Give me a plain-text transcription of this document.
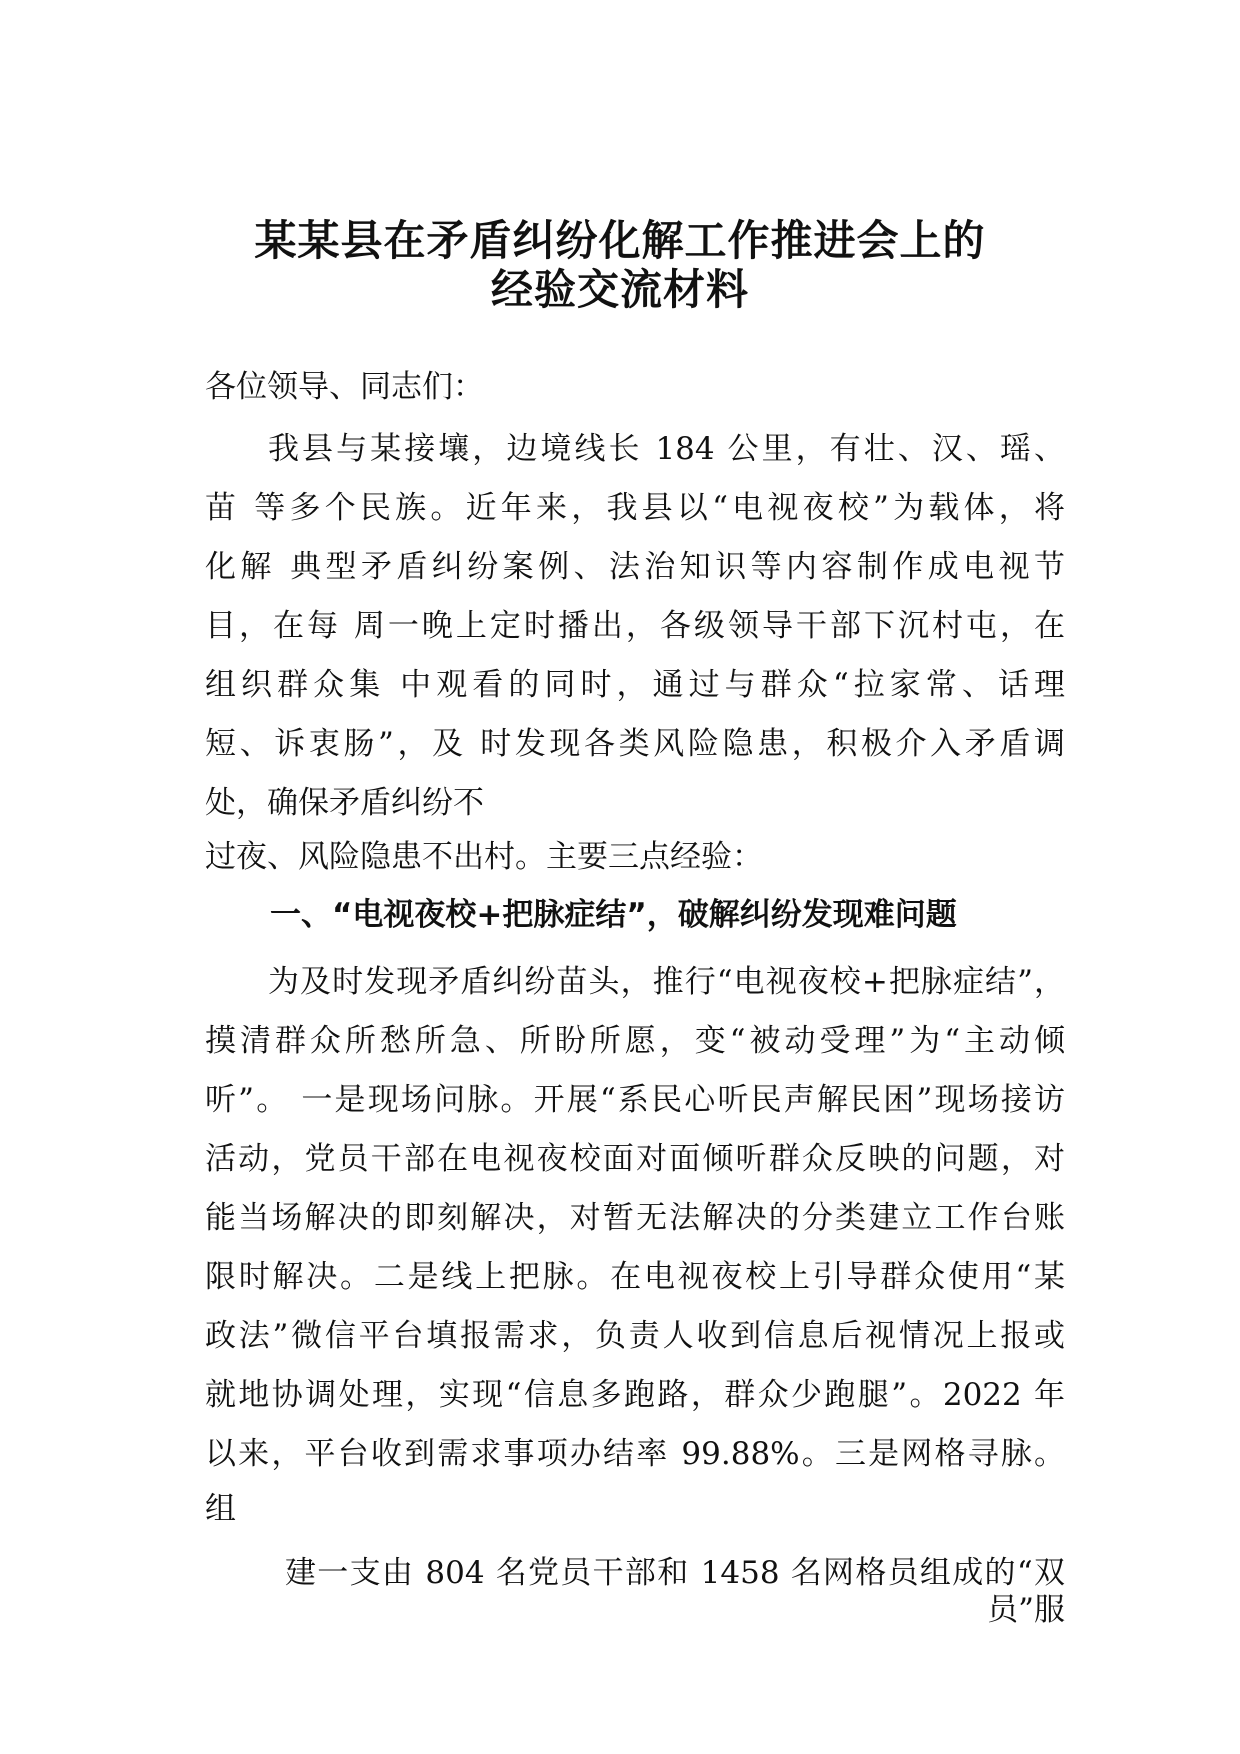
某某县在矛盾纠纷化解工作推进会上的
经验交流材料
各位领导、同志们：
我县与某接壤，边境线长 184 公里，有壮、汉、瑶、
苗 等多个民族。近年来，我县以“电视夜校”为载体，将
化解 典型矛盾纠纷案例、法治知识等内容制作成电视节
目，在每 周一晚上定时播出，各级领导干部下沉村屯，在
组织群众集 中观看的同时，通过与群众“拉家常、话理
短、诉衷肠”，及 时发现各类风险隐患，积极介入矛盾调
处，确保矛盾纠纷不
过夜、风险隐患不出村。主要三点经验：
一、“电视夜校+把脉症结”，破解纠纷发现难问题
为及时发现矛盾纠纷苗头，推行“电视夜校+把脉症结”，
摸清群众所愁所急、所盼所愿，变“被动受理”为“主动倾
听”。 一是现场问脉。开展“系民心听民声解民困”现场接访
活动，党员干部在电视夜校面对面倾听群众反映的问题，对
能当场解决的即刻解决，对暂无法解决的分类建立工作台账
限时解决。二是线上把脉。在电视夜校上引导群众使用“某
政法”微信平台填报需求，负责人收到信息后视情况上报或
就地协调处理，实现“信息多跑路，群众少跑腿”。2022 年
以来，平台收到需求事项办结率 99.88%。三是网格寻脉。
组
建一支由 804 名党员干部和 1458 名网格员组成的“双
员”服
